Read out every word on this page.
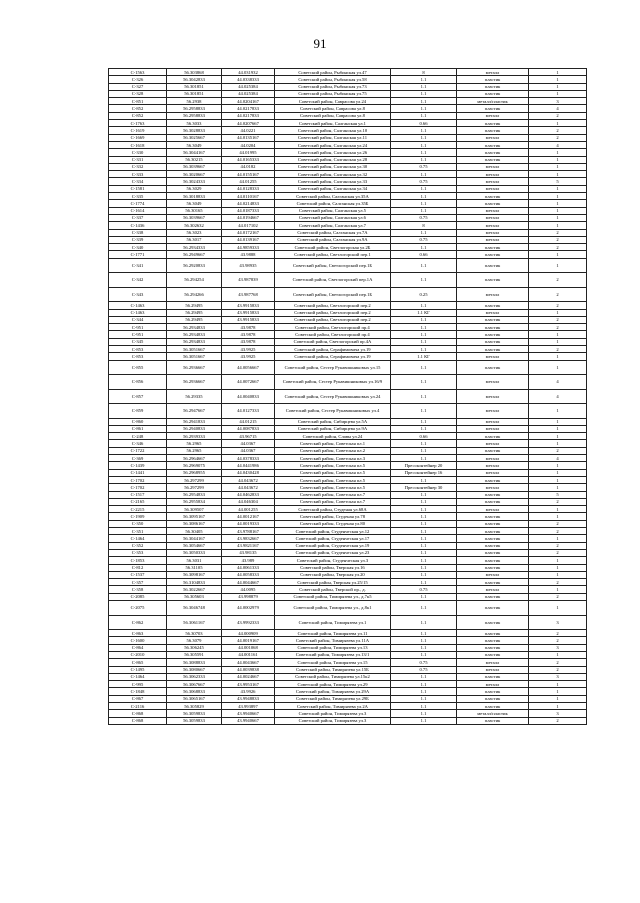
91
С-1563	56.303868	44.031932	Советский район, Рыбинская ул.47	8	металл	1
С-326	56.3042833	44.0338333	Советский район, Рыбинская ул.58	1.1	пластик	1
С-327	56.301851	44.025384	Советский район, Рыбинская ул.73	1.1	пластик	1
С-328	56.301851	44.025384	Советский район, Рыбинская ул.75	1.1	пластик	1
С-851	56.2938	44.0204167	Советский район, Саврасова ул.24	1.1	металл/пластик	3
С-852	56.2958833	44.0217833	Советский район, Саврасова ул.8	1.1	пластик	4
С-852	56.2958833	44.0217833	Советский район, Саврасова ул.8	1.1	металл	2
С-1763	56.3033	44.0207667	Советский район, Салганская ул.1	0.66	пластик	1
С-1619	56.3028833	44.0221	Советский район, Салганская ул.10	1.1	пластик	2
С-1669	56.3025667	44.0135167	Советский район, Салганская ул.11	1.1	металл	2
С-1618	56.3049	44.0204	Советский район, Салганская ул.24	1.1	пластик	4
С-330	56.3044167	44.01995	Советский район, Салганская ул.26	1.1	пластик	1
С-331	56.30215	44.0165333	Советский район, Салганская ул.28	1.1	пластик	1
С-332	56.3039667	44.0182	Советский район, Салганская ул.30	0.75	металл	1
С-333	56.3020667	44.0155167	Советский район, Салганская ул.32	1.1	металл	1
С-334	56.3024333	44.01255	Советский район, Салганская ул.33	0.75	металл	5
С-1581	56.3029	44.0128333	Советский район, Салганская ул.34	1.1	металл	1
С-335	56.3018833	44.0110167	Советский район, Салганская ул.35А	1.1	пластик	1
С-1774	56.3049	44.0214833	Советский район, Салганская ул.35Б	1.1	пластик	1
С-1614	56.30165	44.0187333	Советский район, Салганская ул.5	1.1	металл	1
С-337	56.3039667	44.0194667	Советский район, Салганская ул.6	0.75	металл	1
С-1436	56.302632	44.017102	Советский район, Салганская ул.7	8	металл	1
С-338	56.3023	44.0172167	Советский район, Салганская ул.7А	1.1	металл	2
С-339	56.3017	44.0139167	Советский район, Салганская ул.9А	0.75	металл	2
С-340	56.2934333	44.9859333	Советский район, Светлогорская ул.2Б	1.1	пластик	2
С-1771	56.2949667	43.9888	Советский район, Светлогорский пер.1	0.66	пластик	1
С-341	56.2920833	43.98935	Советский район, Светлогорский пер.1Б	1.1	пластик	1
С-342	56.294254	43.987839	Советский район, Светлогорский пер.1А	1.1	пластик	2
С-343	56.294266	43.987768	Советский район, Светлогорский пер.1Б	0.25	металл	2
С-1463	56.29495	43.9915833	Советский район, Светлогорский пер.2	1.1	пластик	2
С-1463	56.29495	43.9915833	Советский район, Светлогорский пер.2	1.1 КГ	металл	1
С-344	56.29495	43.9915833	Советский район, Светлогорский пер.2	1.1	пластик	2
С-951	56.2934833	43.9878	Советский район, Светлогорский пр.4	1.1	пластик	2
С-951	56.2934833	43.9878	Советский район, Светлогорский пр.4	1.1	пластик	1
С-345	56.2934833	43.9878	Советский район, Светлогорский пр.4А	1.1	пластик	1
С-853	56.3051667	43.9925	Советский район, Серафимовича ул.19	1.1	пластик	2
С-853	56.3051667	43.9925	Советский район, Серафимовича ул.19	1.1 КГ	металл	1
С-855	56.2936667	44.0056667	Советский район, Сестер Рукавишниковых ул.15	1.1	пластик	1
С-856	56.2936667	44.0072667	Советский район, Сестер Рукавишниковых ул.16/9	1.1	металл	4
С-857	56.29335	44.0040833	Советский район, Сестер Рукавишниковых ул.24	1.1	металл	4
С-859	56.2947667	44.0127333	Советский район, Сестер Рукавишниковых ул.4	1.1	металл	1
С-860	56.2941833	44.01215	Советский район, Сибирцева ул.5А	1.1	металл	1
С-861	56.2940833	44.0087833	Советский район, Сибирцева ул.9А	1.1	металл	1
С-248	56.2939333	43.96715	Советский район, Славы ул.24	0.66	пластик	1
С-346	56.2965	44.0367	Советский район, Советская пл.1	1.1	металл	1
С-1722	56.2965	44.0367	Советский район, Советская пл.2	1.1	пластик	2
С-369	56.2964667	44.0378333	Советский район, Советская пл.3	1.1	металл	4
С-1439	56.2969075	44.0441986	Советский район, Советская пл.5	Прессконтейнер 20	металл	1
С-1441	56.2968955	44.0430428	Советский район, Советская пл.5	Прессконтейнер 16	металл	1
С-1702	56.297299	44.043672	Советский район, Советская пл.5	1.1	пластик	1
С-1702	56.297299	44.043672	Советский район, Советская пл.5	Прессконтейнер 30	металл	1
С-1517	56.2954833	44.0462833	Советский район, Советская пл.7	1.1	пластик	5
С-2165	56.2955834	44.046304	Советский район, Советская пл.7	1.1	пластик	2
С-2215	56.309507	44.001255	Советский район, Студеная ул.68А	1.1	металл	1
С-1909	56.3095167	44.0012167	Советский район, Студеная ул.78	1.1	пластик	1
С-350	56.3086167	44.0019333	Советский район, Студеная ул.80	1.1	пластик	2
С-351	56.30405	43.9788167	Советский район, Студенческая ул.12	1.1	пластик	2
С-1464	56.3044167	43.9832667	Советский район, Студенческая ул.17	1.1	пластик	1
С-352	56.3054667	43.9821167	Советский район, Студенческая ул.19	1.1	пластик	2
С-353	56.3050333	43.98135	Советский район, Студенческая ул.23	1.1	пластик	2
С-1853	56.3031	43.989	Советский район, Студенческая ул.3	1.1	пластик	1
С-812	56.31105	44.0061333	Советский район, Тверская ул.16	1.1	пластик	1
С-1537	56.3098167	44.0058333	Советский район, Тверская ул.20	1.1	металл	1
С-357	56.3104833	44.0044667	Советский район, Тверская ул.25/15	1.1	пластик	2
С-358	56.3022667	44.0095	Советский район, Тверской пр., д.	0.75	металл	1
С-2085	56.305603	43.998879	Советский район, Тимирязева ул., д.7к5	1.1	пластик	2
С-2075	56.3046748	44.0002979	Советский район, Тимирязева ул., д.8к1	1.1	пластик	1
С-862	56.3061167	43.9992333	Советский район, Тимирязева ул.1	1.1	пластик	3
С-863	56.30703	44.000909	Советский район, Тимирязева ул.11	1.1	пластик	2
С-1600	56.3079	44.0019167	Советский район, Тимирязева ул.11А	1.1	пластик	2
С-864	56.306245	44.001068	Советский район, Тимирязева ул.13	1.1	пластик	3
С-2010	56.305591	44.001161	Советский район, Тимирязева ул.13/1	1.1	пластик	1
С-865	56.3088833	44.0043667	Советский район, Тимирязева ул.15	0.75	металл	2
С-1495	56.3080667	44.0039838	Советский район, Тимирязева ул.15Б	0.75	металл	2
С-1464	56.3062333	44.0024667	Советский район, Тимирязева ул.15к2	1.1	пластик	3
С-995	56.3067667	43.9953167	Советский район, Тимирязева ул.29	1.1	металл	1
С-1848	56.3068833	43.9926	Советский район, Тимирязева ул.29А	1.1	пластик	1
С-867	56.3065167	43.9948833	Советский район, Тимирязева ул.29Б	1.1	пластик	1
С-2116	56.305829	43.993897	Советский район, Тимирязева ул.2А	1.1	пластик	1
С-868	56.3059833	43.9940667	Советский район, Тимирязева ул.3	1.1	металл/пластик	3
С-868	56.3059833	43.9940667	Советский район, Тимирязева ул.3	1.1	пластик	2
